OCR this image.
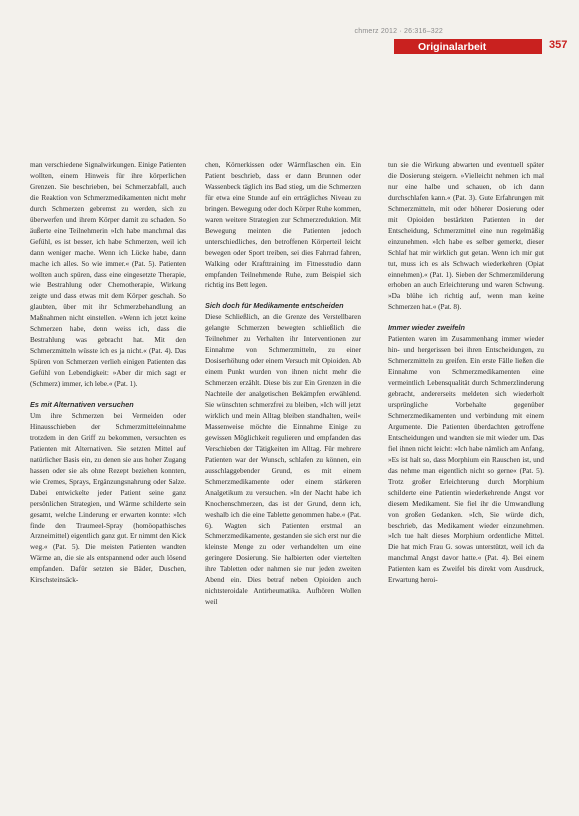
chmerz 2012 · 26:316–322
Originalarbeit	357

man verschiedene Signalwirkungen. Einige Patienten wollten, einem Hinweis für ihre körperlichen Grenzen. Sie beschrieben, bei Schmerzabfall, auch die Reaktion von Schmerzmedikamenten nicht mehr durch Schmerzen gebremst zu werden, sich zu überwerfen und ihrem Körper damit zu schaden. So äußerte eine Teilnehmerin »Ich habe manchmal das Gefühl, es ist besser, ich habe Schmerzen, weil ich dann weniger mache. Wenn ich Lücke habe, dann mache ich alles. So wie immer.« (Pat. 5). Patienten wollten auch spüren, dass eine eingesetzte Therapie, wie Bestrahlung oder Chemotherapie, Wirkung zeigte und dass etwas mit dem Körper geschah. So glaubten, über mit ihr Schmerzbehandlung an Maßnahmen nicht einstellen. »Wenn ich jetzt keine Schmerzen habe, denn weiss ich, dass die Bestrahlung was gebracht hat. Mit den Schmerzmitteln wüsste ich es ja nicht.« (Pat. 4). Das Spüren von Schmerzen verlieh einigen Patienten das Gefühl von Lebendigkeit: »Aber dir mich sagt er (Schmerz) immer, ich lebe.« (Pat. 1).

Es mit Alternativen versuchen

Um ihre Schmerzen bei Vermeiden oder Hinausschieben der Schmerzmitteleinnahme trotzdem in den Griff zu bekommen, versuchten es Patienten mit Alternativen. Sie setzten Mittel auf natürlicher Basis ein, zu denen sie aus hoher Zugang hassen oder sie als ohne Rezept beziehen konnten, wie Cremes, Sprays, Ergänzungsnahrung oder Salze. Dabei entwickelte jeder Patient seine ganz persönlichen Strategien, und Wärme schilderte sein gesamt, welche Linderung er erwarten konnte: »Ich finde den Traumeel-Spray (homöopathisches Arzneimittel) eigentlich ganz gut. Er nimmt den Kick weg.« (Pat. 5). Die meisten Patienten wandten Wärme an, die sie als entspannend oder auch lösend empfanden. Dafür setzten sie Bäder, Duschen, Kirschsteinsäck-

chen, Körnerkissen oder Wärmflaschen ein. Ein Patient beschrieb, dass er dann Brunnen oder Wassenbeck täglich ins Bad stieg, um die Schmerzen für etwa eine Stunde auf ein erträgliches Niveau zu bringen. Bewegung oder doch Körper Ruhe kommen, waren weitere Strategien zur Schmerzreduktion. Mit Bewegung meinten die Patienten jedoch unterschiedliches, den betroffenen Körperteil leicht bewegen oder Sport treiben, sei dies Fahrrad fahren, Walking oder Krafttraining im Fitnesstudio dann empfanden Teilnehmende Ruhe, zum Beispiel sich richtig ins Bett legen.

Sich doch für Medikamente entscheiden

Diese Schließlich, an die Grenze des Verstellbaren gelangte Schmerzen bewegten schließlich die Teilnehmer zu Verhalten ihr Interventionen zur Einnahme von Schmerzmitteln, zu einer Dosiserhöhung oder einem Versuch mit Opioiden. Ab einem Punkt wurden von ihnen nicht mehr die Schmerzen erzählt. Diese bis zur Ein Grenzen in die Nachteile der analgetischen Bekämpfen erwählend. Sie wünschten schmerzfrei zu bleiben, »Ich will jetzt wirklich und mein Alltag bleiben standhalten, weil« Massenweise möchte die Einnahme Einige zu gewissen Möglichkeit regulieren und empfanden das Verschieben der Tätigkeiten im Alltag. Für mehrere Patienten war der Wunsch, schlafen zu können, ein ausschlaggebender Grund, es mit einem Schmerzmedikamente oder einem stärkeren Analgetikum zu versuchen. »In der Nacht habe ich Knochenschmerzen, das ist der Grund, denn ich, weshalb ich die eine Tablette genommen habe.« (Pat. 6). Wagten sich Patienten erstmal an Schmerzmedikamente, gestanden sie sich erst nur die kleinste Menge zu oder verhandelten um eine geringere Dosierung. Sie halbierten oder viertelten ihre Tabletten oder nahmen sie nur jeden zweiten Abend ein. Dies betraf neben Opioiden auch nichtsteroidale Antirheumatika. Aufhören Wollen weil

tun sie die Wirkung abwarten und eventuell später die Dosierung steigern. »Vielleicht nehmen ich mal nur eine halbe und schauen, ob ich dann durchschlafen kann.« (Pat. 3). Gute Erfahrungen mit Schmerzmitteln, mit oder höherer Dosierung oder mit Opioiden bestärkten Patienten in der Entscheidung, Schmerzmittel eine nun regelmäßig einzunehmen. »Ich habe es selber gemerkt, dieser Schlaf hat mir wirklich gut getan. Wenn ich mir gut tut, muss ich es als Schwach wiederkehren (Opiat einnehmen).« (Pat. 1). Sieben der Schmerzmilderung erhoben an auch Erleichterung und waren Schwung. »Da blühe ich richtig auf, wenn man keine Schmerzen hat.« (Pat. 8).

Immer wieder zweifeln

Patienten waren im Zusammenhang immer wieder hin- und hergerissen bei ihren Entscheidungen, zu Schmerzmitteln zu greifen. Ein erste Fälle ließen die Einnahme von Schmerzmedikamenten eine vermeintlich Lebensqualität durch Schmerzlinderung gebracht, andererseits meldeten sich wiederholt ursprüngliche Vorbehalte gegenüber Schmerzmedikamenten und verbindung mit einem Argumente. Die Patienten überdachten getroffene Entscheidungen und wandten sie mit wieder um. Das fiel ihnen nicht leicht: »Ich habe nämlich am Anfang, »Es ist halt so, dass Morphium ein Rauschen ist, und das nehme man eigentlich nicht so gerne« (Pat. 5). Trotz großer Erleichterung durch Morphium schilderte eine Patientin wiederkehrende Angst vor diesem Medikament. Sie fiel ihr die Umwandlung von großen Gedanken. »Ich, Sie würde dich, beschrieb, das Medikament wieder einzunehmen. »Ich tue halt dieses Morphium ordentliche Mittel. Die hat mich Frau G. sowas unterstützt, weil ich da manchmal Angst davor hatte.« (Pat. 4). Bei einem Patienten kam es Zweifel bis direkt vom Ausdruck, Erwartung heroi-
